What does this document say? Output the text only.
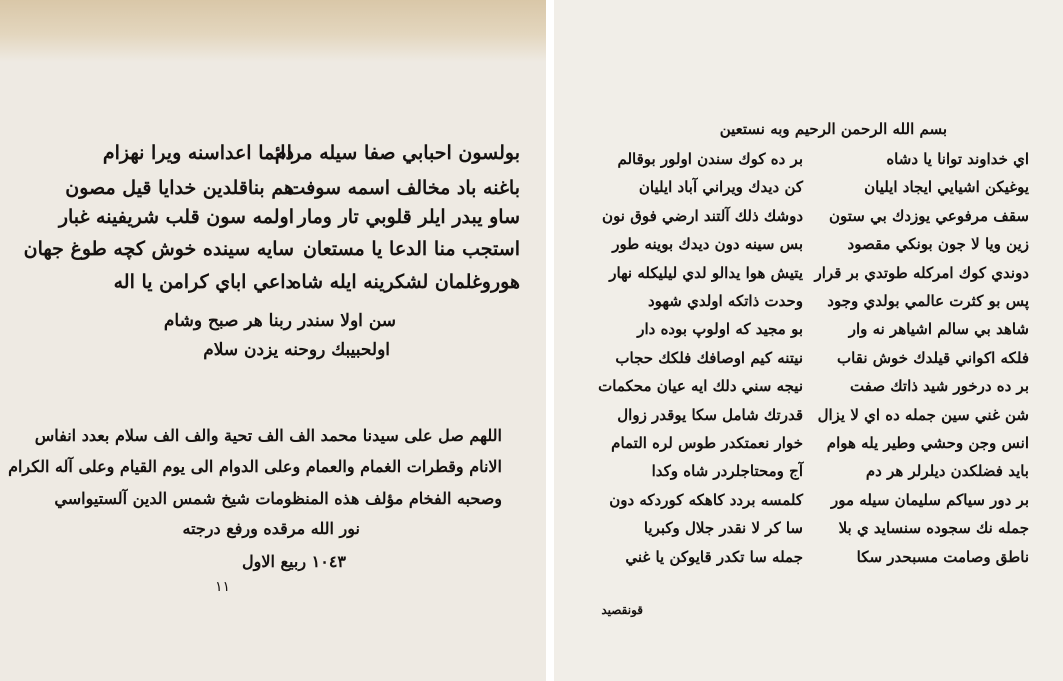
دائما اعداسنه ويرا نهزام
بولسون احبابي صفا سيله مرام
هم بناقلدين خدايا قيل مصون
باغنه باد مخالف اسمه سوفت
اولمه سون قلب شريفينه غبار ساو يبدر ايلر قلوبي تار ومار
سايه سينده خوش كچه طوغ جهان استجب منا الدعا يا مستعان
داعي اباي كرامن يا اله
هوروغلمان لشكرينه ايله شاه

سن اولا سندر ربنا هر صبح وشام

اولحبيبك روحنه يزدن سلام

اللهم صل على سيدنا محمد الف الف تحية والف الف سلام بعدد انفاس

الانام وقطرات الغمام والعمام وعلى الدوام الى يوم القيام وعلى آله الكرام

وصحبه الفخام مؤلف هذه المنظومات شيخ شمس الدين آلستيواسي

نور الله مرقده ورفع درجته

١٠٤٣ ربيع الاول

١١

بسم الله الرحمن الرحيم وبه نستعين

اي خداوند توانا يا دشاه
بر ده كوك سندن اولور بوقالم
يوغيكن اشيايي ايجاد ايليان
كن ديدك ويراني آباد ايليان
سقف مرفوعي يوزدك بي ستون
دوشك ذلك آلتند ارضي فوق نون
زين ويا لا جون بونكي مقصود
بس سينه دون ديدك بوينه طور
دوندي كوك امركله طوتدي بر قرار
يتيش هوا يدالو لدي ليليكله نهار
پس بو كثرت عالمي بولدي وجود
وحدت ذاتكه اولدي شهود
شاهد بي سالم اشياهر نه وار
بو مجيد كه اولوپ بوده دار
فلكه اكواني قيلدك خوش نقاب
نيتنه كيم اوصافك فلكك حجاب
بر ده درخور شيد ذاتك صفت
نيجه سني دلك ايه عيان محكمات
شن غني سين جمله ده اي لا يزال
قدرتك شامل سكا يوقدر زوال
انس وجن وحشي وطير يله هوام
خوار نعمتكدر طوس لره التمام
بايد فضلكدن ديلرلر هر دم
آج ومحتاجلردر شاه وكدا
بر دور سياكم سليمان سيله مور
كلمسه بردد كاهكه كوردكه دون
جمله نك سجوده سنسايد ي بلا
سا كر لا نقدر جلال وكبريا
ناطق وصامت مسبحدر سكا
جمله سا تكدر قايوكن يا غني

قونقصيد
